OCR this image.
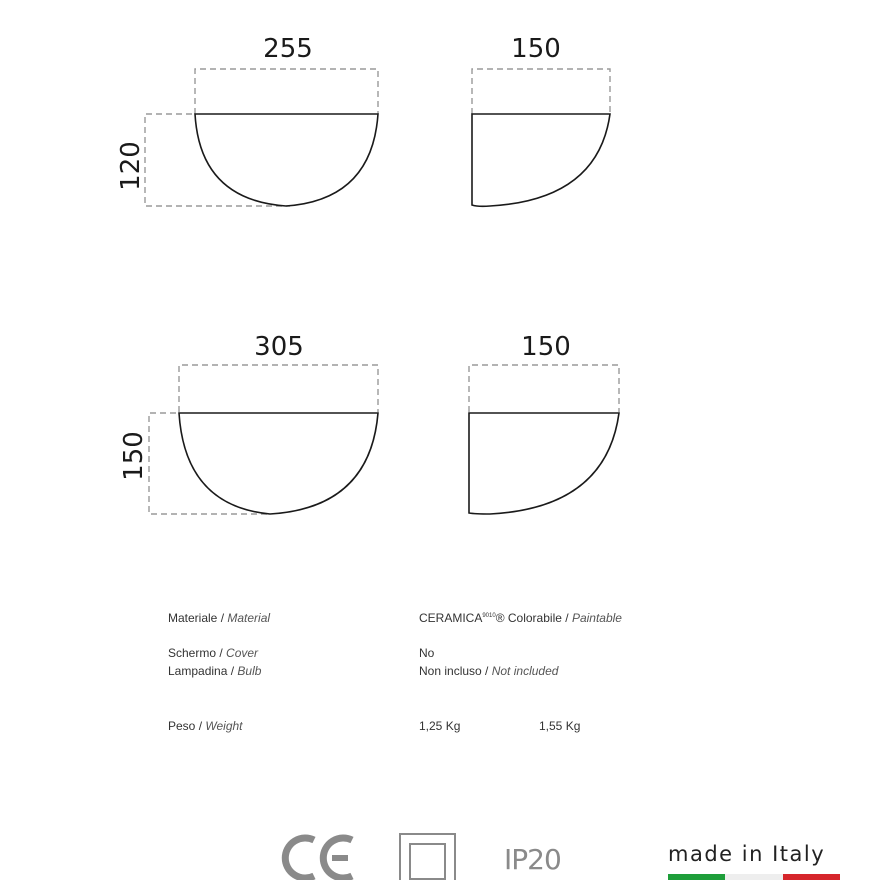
255	150
120
305	150
150
Materiale / Material	$CERAMICA^{9010}®$ Colorabile / Paintable
Schermo / Cover	No
Lampadina / Bulb	Non incluso / Not included
Peso / Weight	1,25 Kg	1,55 Kg
CE
IP20	made in Italy
